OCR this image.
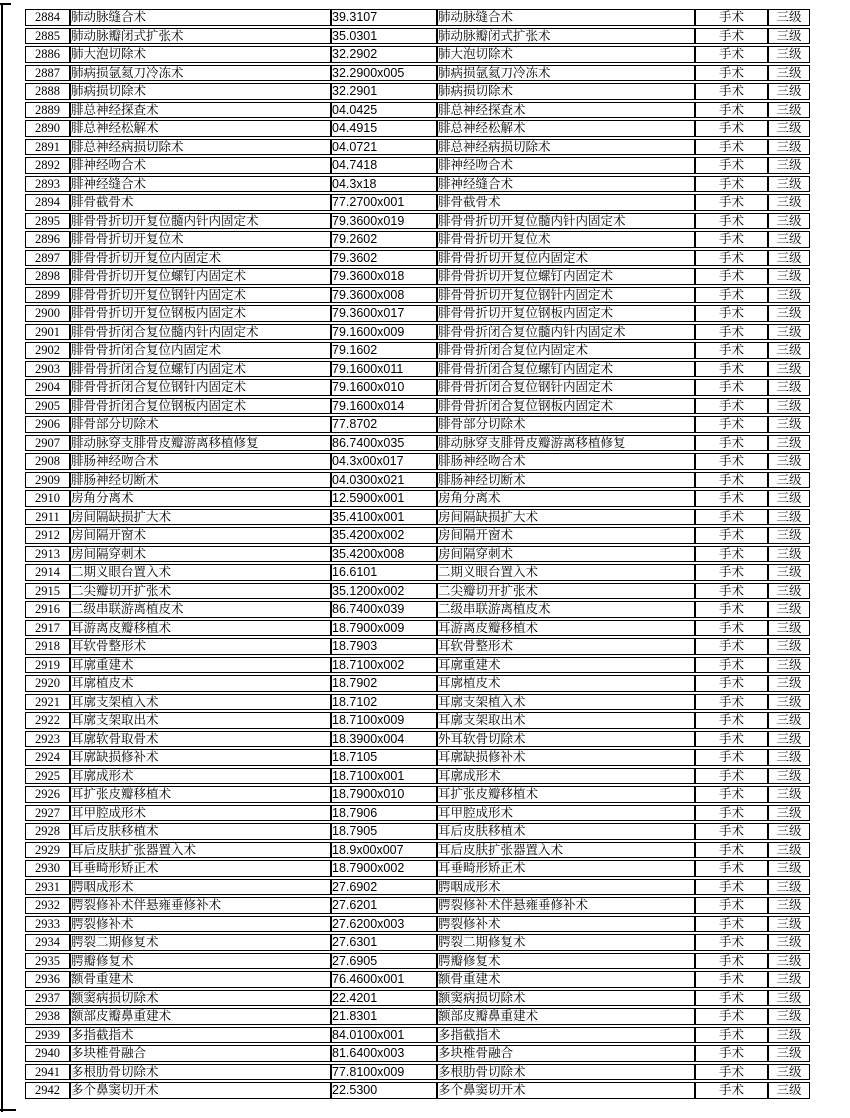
2884	肺动脉缝合术	39.3107	肺动脉缝合术	手术	三级
2885	肺动脉瓣闭式扩张术	35.0301	肺动脉瓣闭式扩张术	手术	三级
2886	肺大泡切除术	32.2902	肺大泡切除术	手术	三级
2887	肺病损氩氦刀冷冻术	32.2900x005	肺病损氩氦刀冷冻术	手术	三级
2888	肺病损切除术	32.2901	肺病损切除术	手术	三级
2889	腓总神经探查术	04.0425	腓总神经探查术	手术	三级
2890	腓总神经松解术	04.4915	腓总神经松解术	手术	三级
2891	腓总神经病损切除术	04.0721	腓总神经病损切除术	手术	三级
2892	腓神经吻合术	04.7418	腓神经吻合术	手术	三级
2893	腓神经缝合术	04.3x18	腓神经缝合术	手术	三级
2894	腓骨截骨术	77.2700x001	腓骨截骨术	手术	三级
2895	腓骨骨折切开复位髓内针内固定术	79.3600x019	腓骨骨折切开复位髓内针内固定术	手术	三级
2896	腓骨骨折切开复位术	79.2602	腓骨骨折切开复位术	手术	三级
2897	腓骨骨折切开复位内固定术	79.3602	腓骨骨折切开复位内固定术	手术	三级
2898	腓骨骨折切开复位螺钉内固定术	79.3600x018	腓骨骨折切开复位螺钉内固定术	手术	三级
2899	腓骨骨折切开复位钢针内固定术	79.3600x008	腓骨骨折切开复位钢针内固定术	手术	三级
2900	腓骨骨折切开复位钢板内固定术	79.3600x017	腓骨骨折切开复位钢板内固定术	手术	三级
2901	腓骨骨折闭合复位髓内针内固定术	79.1600x009	腓骨骨折闭合复位髓内针内固定术	手术	三级
2902	腓骨骨折闭合复位内固定术	79.1602	腓骨骨折闭合复位内固定术	手术	三级
2903	腓骨骨折闭合复位螺钉内固定术	79.1600x011	腓骨骨折闭合复位螺钉内固定术	手术	三级
2904	腓骨骨折闭合复位钢针内固定术	79.1600x010	腓骨骨折闭合复位钢针内固定术	手术	三级
2905	腓骨骨折闭合复位钢板内固定术	79.1600x014	腓骨骨折闭合复位钢板内固定术	手术	三级
2906	腓骨部分切除术	77.8702	腓骨部分切除术	手术	三级
2907	腓动脉穿支腓骨皮瓣游离移植修复	86.7400x035	腓动脉穿支腓骨皮瓣游离移植修复	手术	三级
2908	腓肠神经吻合术	04.3x00x017	腓肠神经吻合术	手术	三级
2909	腓肠神经切断术	04.0300x021	腓肠神经切断术	手术	三级
2910	房角分离术	12.5900x001	房角分离术	手术	三级
2911	房间隔缺损扩大术	35.4100x001	房间隔缺损扩大术	手术	三级
2912	房间隔开窗术	35.4200x002	房间隔开窗术	手术	三级
2913	房间隔穿刺术	35.4200x008	房间隔穿刺术	手术	三级
2914	二期义眼台置入术	16.6101	二期义眼台置入术	手术	三级
2915	二尖瓣切开扩张术	35.1200x002	二尖瓣切开扩张术	手术	三级
2916	二级串联游离植皮术	86.7400x039	二级串联游离植皮术	手术	三级
2917	耳游离皮瓣移植术	18.7900x009	耳游离皮瓣移植术	手术	三级
2918	耳软骨整形术	18.7903	耳软骨整形术	手术	三级
2919	耳廓重建术	18.7100x002	耳廓重建术	手术	三级
2920	耳廓植皮术	18.7902	耳廓植皮术	手术	三级
2921	耳廓支架植入术	18.7102	耳廓支架植入术	手术	三级
2922	耳廓支架取出术	18.7100x009	耳廓支架取出术	手术	三级
2923	耳廓软骨取骨术	18.3900x004	外耳软骨切除术	手术	三级
2924	耳廓缺损修补术	18.7105	耳廓缺损修补术	手术	三级
2925	耳廓成形术	18.7100x001	耳廓成形术	手术	三级
2926	耳扩张皮瓣移植术	18.7900x010	耳扩张皮瓣移植术	手术	三级
2927	耳甲腔成形术	18.7906	耳甲腔成形术	手术	三级
2928	耳后皮肤移植术	18.7905	耳后皮肤移植术	手术	三级
2929	耳后皮肤扩张器置入术	18.9x00x007	耳后皮肤扩张器置入术	手术	三级
2930	耳垂畸形矫正术	18.7900x002	耳垂畸形矫正术	手术	三级
2931	腭咽成形术	27.6902	腭咽成形术	手术	三级
2932	腭裂修补术伴悬雍垂修补术	27.6201	腭裂修补术伴悬雍垂修补术	手术	三级
2933	腭裂修补术	27.6200x003	腭裂修补术	手术	三级
2934	腭裂二期修复术	27.6301	腭裂二期修复术	手术	三级
2935	腭瓣修复术	27.6905	腭瓣修复术	手术	三级
2936	额骨重建术	76.4600x001	额骨重建术	手术	三级
2937	额窦病损切除术	22.4201	额窦病损切除术	手术	三级
2938	额部皮瓣鼻重建术	21.8301	额部皮瓣鼻重建术	手术	三级
2939	多指截指术	84.0100x001	多指截指术	手术	三级
2940	多块椎骨融合	81.6400x003	多块椎骨融合	手术	三级
2941	多根肋骨切除术	77.8100x009	多根肋骨切除术	手术	三级
2942	多个鼻窦切开术	22.5300	多个鼻窦切开术	手术	三级
